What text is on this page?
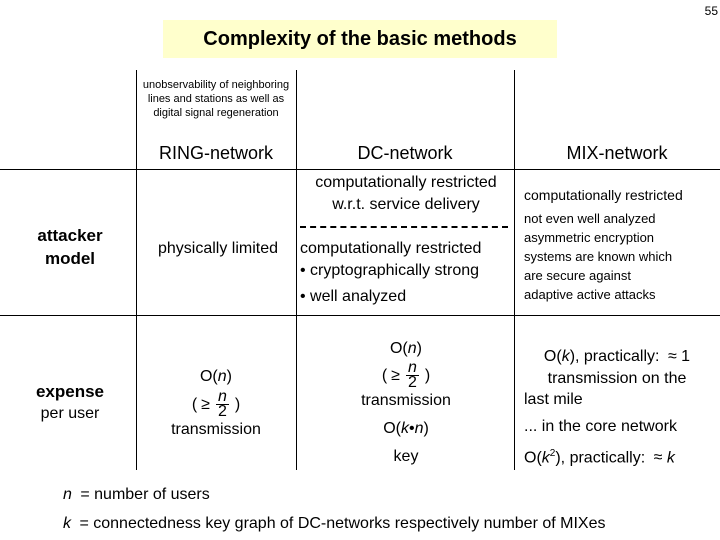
55
Complexity of the basic methods
unobservability of neighboring lines and stations as well as digital signal regeneration
RING-network	DC-network	MIX-network
attacker model
physically limited
computationally restricted
w.r.t. service delivery
computationally restricted
• cryptographically strong
• well analyzed
computationally restricted
not even well analyzed
asymmetric encryption
systems are known which
are secure against
adaptive active attacks
expense
per user
O(n)
( ≥ $\frac{n}{2}$ )
transmission
O(n)
( ≥ $\frac{n}{2}$ )
transmission
O(k•n)
key
O(k), practically: ≈ 1
transmission on the
last mile
... in the core network
$O(k^2)$, practically: ≈ k
n = number of users
k = connectedness key graph of DC-networks respectively number of MIXes
